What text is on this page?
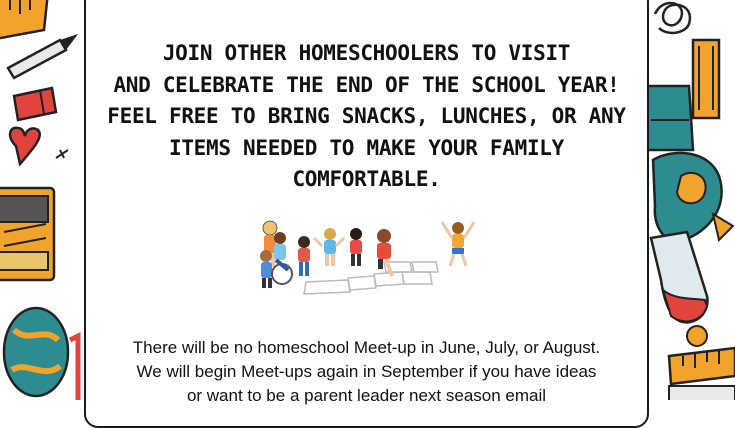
JOIN OTHER HOMESCHOOLERS TO VISIT
AND CELEBRATE THE END OF THE SCHOOL YEAR!
FEEL FREE TO BRING SNACKS, LUNCHES, OR ANY
ITEMS NEEDED TO MAKE YOUR FAMILY
COMFORTABLE.
There will be no homeschool Meet-up in June, July, or August.
We will begin Meet-ups again in September if you have ideas
or want to be a parent leader next season email
